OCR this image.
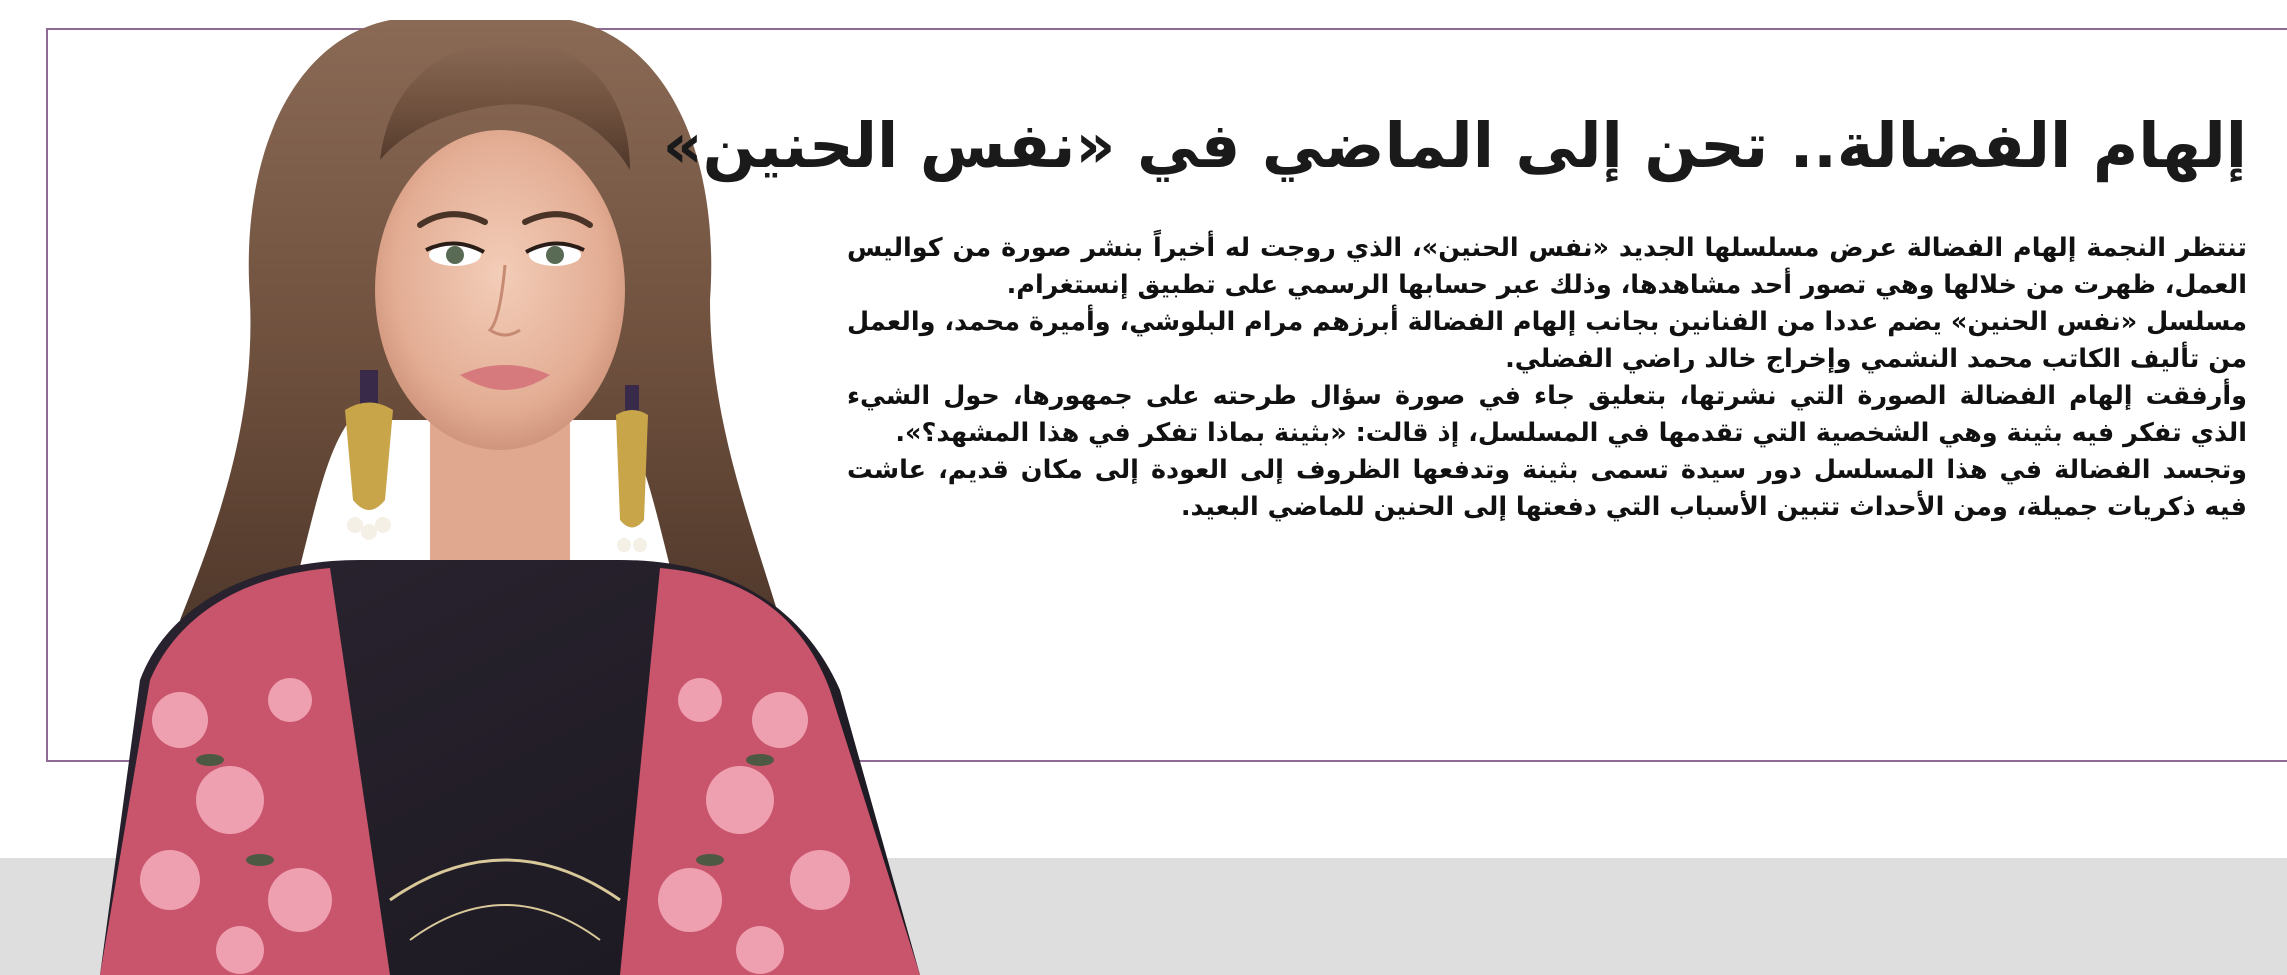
إلهام الفضالة.. تحن إلى الماضي في «نفس الحنين»

تنتظر النجمة إلهام الفضالة عرض مسلسلها الجديد «نفس الحنين»، الذي روجت له أخيراً بنشر صورة من كواليس العمل، ظهرت من خلالها وهي تصور أحد مشاهدها، وذلك عبر حسابها الرسمي على تطبيق إنستغرام.

مسلسل «نفس الحنين» يضم عددا من الفنانين بجانب إلهام الفضالة أبرزهم مرام البلوشي، وأميرة محمد، والعمل من تأليف الكاتب محمد النشمي وإخراج خالد راضي الفضلي.

وأرفقت إلهام الفضالة الصورة التي نشرتها، بتعليق جاء في صورة سؤال طرحته على جمهورها، حول الشيء الذي تفكر فيه بثينة وهي الشخصية التي تقدمها في المسلسل، إذ قالت: «بثينة بماذا تفكر في هذا المشهد؟».

وتجسد الفضالة في هذا المسلسل دور سيدة تسمى بثينة وتدفعها الظروف إلى العودة إلى مكان قديم، عاشت فيه ذكريات جميلة، ومن الأحداث تتبين الأسباب التي دفعتها إلى الحنين للماضي البعيد.
